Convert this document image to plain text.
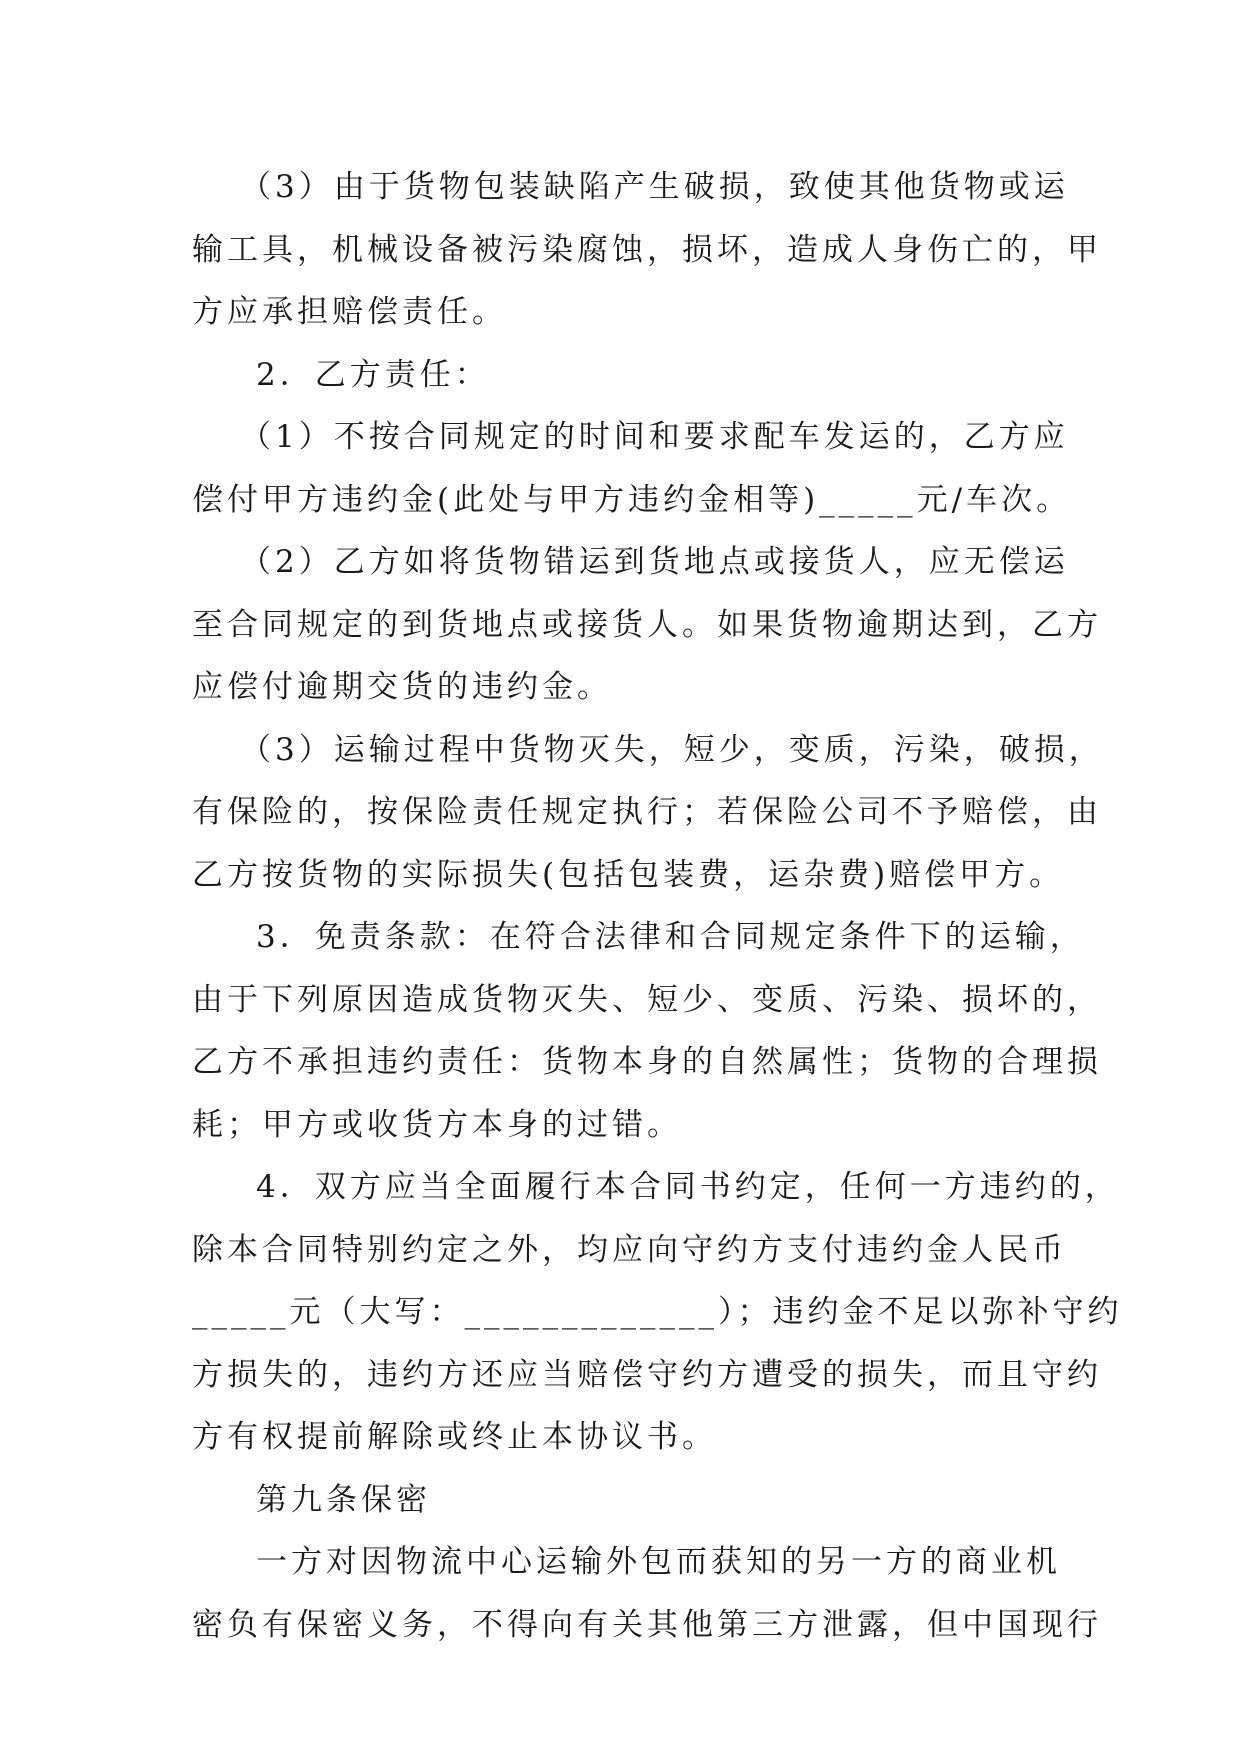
（3）由于货物包装缺陷产生破损，致使其他货物或运
输工具，机械设备被污染腐蚀，损坏，造成人身伤亡的，甲
方应承担赔偿责任。
2．乙方责任：
（1）不按合同规定的时间和要求配车发运的，乙方应
偿付甲方违约金(此处与甲方违约金相等)_____元/车次。
（2）乙方如将货物错运到货地点或接货人，应无偿运
至合同规定的到货地点或接货人。如果货物逾期达到，乙方
应偿付逾期交货的违约金。
（3）运输过程中货物灭失，短少，变质，污染，破损，
有保险的，按保险责任规定执行；若保险公司不予赔偿，由
乙方按货物的实际损失(包括包装费，运杂费)赔偿甲方。
3．免责条款：在符合法律和合同规定条件下的运输，
由于下列原因造成货物灭失、短少、变质、污染、损坏的，
乙方不承担违约责任：货物本身的自然属性；货物的合理损
耗；甲方或收货方本身的过错。
4．双方应当全面履行本合同书约定，任何一方违约的，
除本合同特别约定之外，均应向守约方支付违约金人民币
_____元（大写：_____________）；违约金不足以弥补守约
方损失的，违约方还应当赔偿守约方遭受的损失，而且守约
方有权提前解除或终止本协议书。
第九条保密
一方对因物流中心运输外包而获知的另一方的商业机
密负有保密义务，不得向有关其他第三方泄露，但中国现行
